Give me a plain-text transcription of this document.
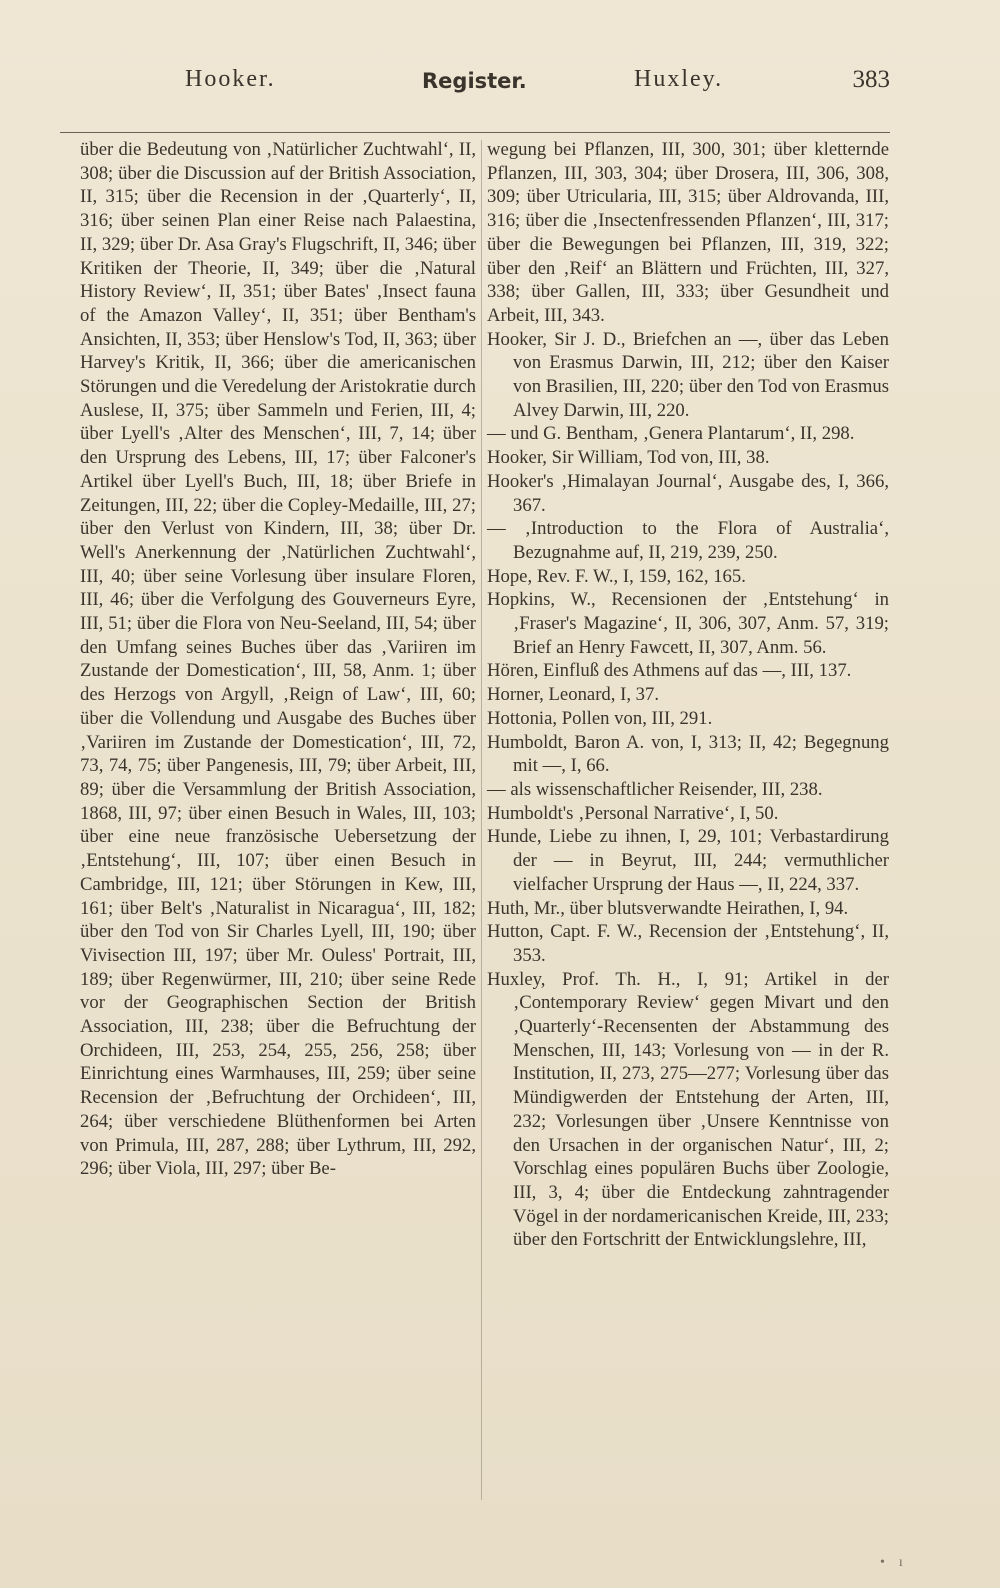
Hooker.	Register.	Huxley.	383

über die Bedeutung von ‚Natürlicher Zuchtwahl‘, II, 308; über die Discussion auf der British Association, II, 315; über die Recension in der ‚Quarterly‘, II, 316; über seinen Plan einer Reise nach Palaestina, II, 329; über Dr. Asa Gray's Flugschrift, II, 346; über Kritiken der Theorie, II, 349; über die ‚Natural History Review‘, II, 351; über Bates' ‚Insect fauna of the Amazon Valley‘, II, 351; über Bentham's Ansichten, II, 353; über Henslow's Tod, II, 363; über Harvey's Kritik, II, 366; über die americanischen Störungen und die Veredelung der Aristokratie durch Auslese, II, 375; über Sammeln und Ferien, III, 4; über Lyell's ‚Alter des Menschen‘, III, 7, 14; über den Ursprung des Lebens, III, 17; über Falconer's Artikel über Lyell's Buch, III, 18; über Briefe in Zeitungen, III, 22; über die Copley-Medaille, III, 27; über den Verlust von Kindern, III, 38; über Dr. Well's Anerkennung der ‚Natürlichen Zuchtwahl‘, III, 40; über seine Vorlesung über insulare Floren, III, 46; über die Verfolgung des Gouverneurs Eyre, III, 51; über die Flora von Neu-Seeland, III, 54; über den Umfang seines Buches über das ‚Variiren im Zustande der Domestication‘, III, 58, Anm. 1; über des Herzogs von Argyll, ‚Reign of Law‘, III, 60; über die Vollendung und Ausgabe des Buches über ‚Variiren im Zustande der Domestication‘, III, 72, 73, 74, 75; über Pangenesis, III, 79; über Arbeit, III, 89; über die Versammlung der British Association, 1868, III, 97; über einen Besuch in Wales, III, 103; über eine neue französische Uebersetzung der ‚Entstehung‘, III, 107; über einen Besuch in Cambridge, III, 121; über Störungen in Kew, III, 161; über Belt's ‚Naturalist in Nicaragua‘, III, 182; über den Tod von Sir Charles Lyell, III, 190; über Vivisection III, 197; über Mr. Ouless' Portrait, III, 189; über Regenwürmer, III, 210; über seine Rede vor der Geographischen Section der British Association, III, 238; über die Befruchtung der Orchideen, III, 253, 254, 255, 256, 258; über Einrichtung eines Warmhauses, III, 259; über seine Recension der ‚Befruchtung der Orchideen‘, III, 264; über verschiedene Blüthenformen bei Arten von Primula, III, 287, 288; über Lythrum, III, 292, 296; über Viola, III, 297; über Be-

wegung bei Pflanzen, III, 300, 301; über kletternde Pflanzen, III, 303, 304; über Drosera, III, 306, 308, 309; über Utricularia, III, 315; über Aldrovanda, III, 316; über die ‚Insectenfressenden Pflanzen‘, III, 317; über die Bewegungen bei Pflanzen, III, 319, 322; über den ‚Reif‘ an Blättern und Früchten, III, 327, 338; über Gallen, III, 333; über Gesundheit und Arbeit, III, 343.

Hooker, Sir J. D., Briefchen an —, über das Leben von Erasmus Darwin, III, 212; über den Kaiser von Brasilien, III, 220; über den Tod von Erasmus Alvey Darwin, III, 220.

— und G. Bentham, ‚Genera Plantarum‘, II, 298.

Hooker, Sir William, Tod von, III, 38.

Hooker's ‚Himalayan Journal‘, Ausgabe des, I, 366, 367.

— ‚Introduction to the Flora of Australia‘, Bezugnahme auf, II, 219, 239, 250.

Hope, Rev. F. W., I, 159, 162, 165.

Hopkins, W., Recensionen der ‚Entstehung‘ in ‚Fraser's Magazine‘, II, 306, 307, Anm. 57, 319; Brief an Henry Fawcett, II, 307, Anm. 56.

Hören, Einfluß des Athmens auf das —, III, 137.

Horner, Leonard, I, 37.

Hottonia, Pollen von, III, 291.

Humboldt, Baron A. von, I, 313; II, 42; Begegnung mit —, I, 66.

— als wissenschaftlicher Reisender, III, 238.

Humboldt's ‚Personal Narrative‘, I, 50.

Hunde, Liebe zu ihnen, I, 29, 101; Verbastardirung der — in Beyrut, III, 244; vermuthlicher vielfacher Ursprung der Haus —, II, 224, 337.

Huth, Mr., über blutsverwandte Heirathen, I, 94.

Hutton, Capt. F. W., Recension der ‚Entstehung‘, II, 353.

Huxley, Prof. Th. H., I, 91; Artikel in der ‚Contemporary Review‘ gegen Mivart und den ‚Quarterly‘-Recensenten der Abstammung des Menschen, III, 143; Vorlesung von — in der R. Institution, II, 273, 275—277; Vorlesung über das Mündigwerden der Entstehung der Arten, III, 232; Vorlesungen über ‚Unsere Kenntnisse von den Ursachen in der organischen Natur‘, III, 2; Vorschlag eines populären Buchs über Zoologie, III, 3, 4; über die Entdeckung zahntragender Vögel in der nordamericanischen Kreide, III, 233; über den Fortschritt der Entwicklungslehre, III,

•    ı
